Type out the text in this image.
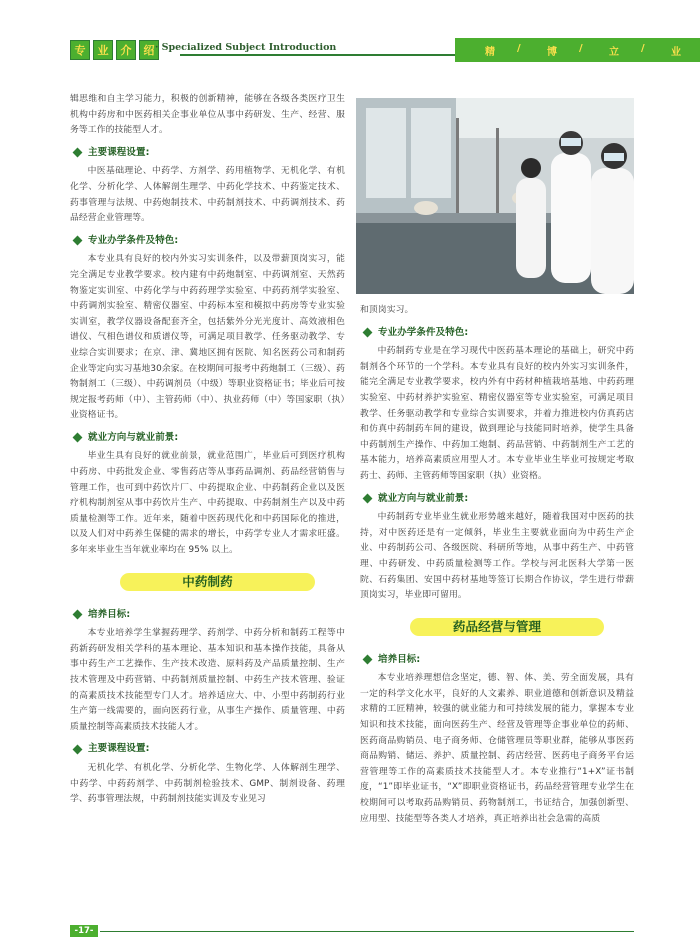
专	业	介	绍 · Specialized Subject Introduction	精 /	博 /	立 /	业

辑思维和自主学习能力，积极的创新精神，能够在各级各类医疗卫生机构中药房和中医药相关企事业单位从事中药研发、生产、经营、服务等工作的技能型人才。

主要课程设置:

中医基础理论、中药学、方剂学、药用植物学、无机化学、有机化学、分析化学、人体解剖生理学、中药化学技术、中药鉴定技术、药事管理与法规、中药炮制技术、中药制剂技术、中药调剂技术、药品经营企业管理等。

专业办学条件及特色:

本专业具有良好的校内外实习实训条件，以及带薪顶岗实习，能完全满足专业教学要求。校内建有中药炮制室、中药调剂室、天然药物鉴定实训室、中药化学与中药药理学实验室、中药药剂学实验室、中药调剂实验室、精密仪器室、中药标本室和模拟中药房等专业实验实训室，教学仪器设备配套齐全，包括紫外分光光度计、高效液相色谱仪、气相色谱仪和质谱仪等，可满足项目教学、任务驱动教学、专业综合实训要求；在京、津、冀地区拥有医院、知名医药公司和制药企业等定向实习基地30余家。在校期间可报考中药炮制工（三级）、药物制剂工（三级）、中药调剂员（中级）等职业资格证书；毕业后可按规定报考药师（中）、主管药师（中）、执业药师（中）等国家职（执）业资格证书。

就业方向与就业前景:

毕业生具有良好的就业前景，就业范围广，毕业后可到医疗机构中药房、中药批发企业、零售药店等从事药品调剂、药品经营销售与管理工作，也可到中药饮片厂、中药提取企业、中药制药企业以及医疗机构制剂室从事中药饮片生产、中药提取、中药制剂生产以及中药质量检测等工作。近年来，随着中医药现代化和中药国际化的推进，以及人们对中药养生保健的需求的增长，中药学专业人才需求旺盛。多年来毕业生当年就业率均在 95% 以上。

中药制药
培养目标:

本专业培养学生掌握药理学、药剂学、中药分析和制药工程等中药新药研发相关学科的基本理论、基本知识和基本操作技能，具备从事中药生产工艺操作、生产技术改造、原料药及产品质量控制、生产技术管理及中药营销、中药制剂质量控制、中药生产技术管理、验证的高素质技术技能型专门人才。培养适应大、中、小型中药制药行业生产第一线需要的，面向医药行业，从事生产操作、质量管理、中药质量控制等高素质技术技能人才。

主要课程设置:

无机化学、有机化学、分析化学、生物化学、人体解剖生理学、中药学、中药药剂学、中药制剂检验技术、GMP、制剂设备、药理学、药事管理法规，中药制剂技能实训及专业见习

和顶岗实习。

专业办学条件及特色:

中药制药专业是在学习现代中医药基本理论的基础上，研究中药制剂各个环节的一个学科。本专业具有良好的校内外实习实训条件，能完全满足专业教学要求，校内外有中药材种植栽培基地、中药药理实验室、中药材养护实验室、精密仪器室等专业实验室，可满足项目教学、任务驱动教学和专业综合实训要求，并着力推进校内仿真药店和仿真中药制药车间的建设，做到理论与技能同时培养，使学生具备中药制剂生产操作、中药加工炮制、药品营销、中药制剂生产工艺的基本能力，培养高素质应用型人才。本专业毕业生毕业可按规定考取药士、药师、主管药师等国家职（执）业资格。

就业方向与就业前景:

中药制药专业毕业生就业形势越来越好，随着我国对中医药的扶持，对中医药还是有一定倾斜，毕业生主要就业面向为中药生产企业、中药制药公司、各级医院、科研所等地，从事中药生产、中药管理、中药研发、中药质量检测等工作。学校与河北医科大学第一医院、石药集团、安国中药材基地等签订长期合作协议，学生进行带薪顶岗实习，毕业即可留用。

药品经营与管理
培养目标:

本专业培养理想信念坚定，德、智、体、美、劳全面发展，具有一定的科学文化水平，良好的人文素养、职业道德和创新意识及精益求精的工匠精神，较强的就业能力和可持续发展的能力，掌握本专业知识和技术技能，面向医药生产、经营及管理等企事业单位的药师、医药商品购销员、电子商务师、仓储管理员等职业群，能够从事医药商品购销、储运、养护、质量控制、药店经营、医药电子商务平台运营管理等工作的高素质技术技能型人才。本专业推行“1+X”证书制度，“1”即毕业证书，“X”即职业资格证书，药品经营管理专业学生在校期间可以考取药品购销员、药物制剂工，书证结合，加强创新型、应用型、技能型等各类人才培养，真正培养出社会急需的高质

-17-
